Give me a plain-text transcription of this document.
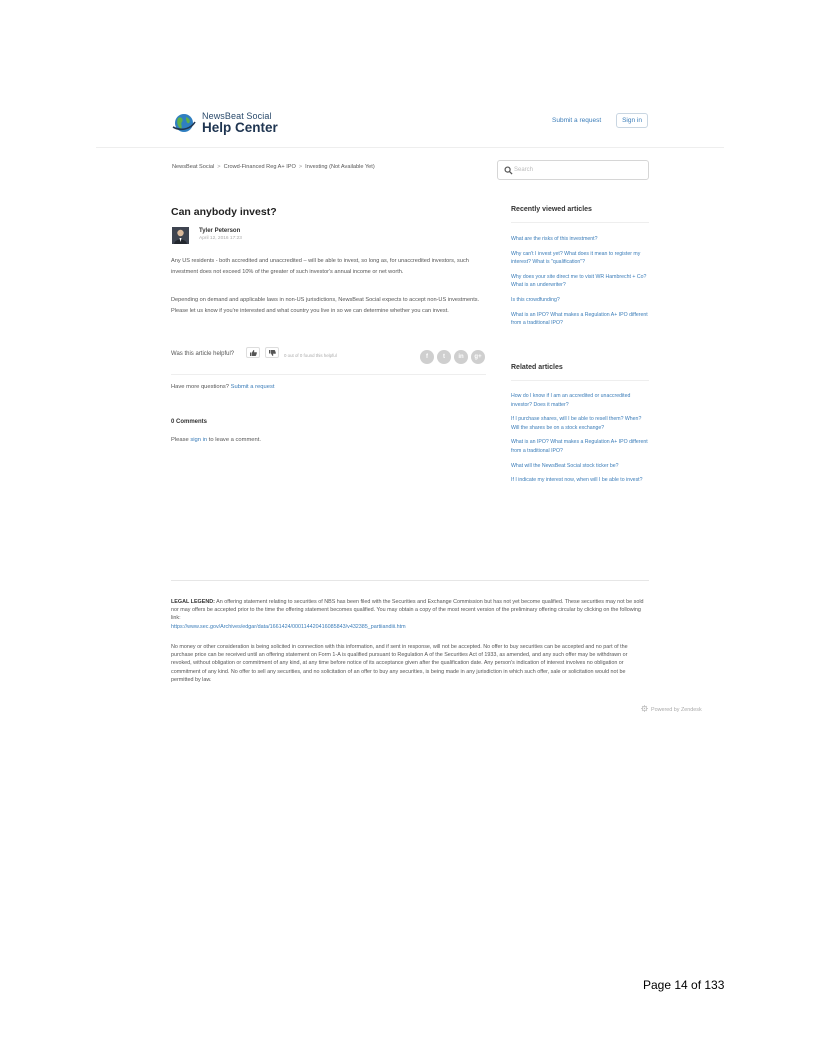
NewsBeat Social
Help Center	Submit a request	Sign in
NewsBeat Social > Crowd-Financed Reg A+ IPO > Investing (Not Available Yet)	Search
Can anybody invest?
Tyler Peterson
April 12, 2016 17:23

Any US residents - both accredited and unaccredited – will be able to invest, so long as, for unaccredited investors, such investment does not exceed 10% of the greater of such investor's annual income or net worth.

Depending on demand and applicable laws in non-US jurisdictions, NewsBeat Social expects to accept non-US investments. Please let us know if you're interested and what country you live in so we can determine whether you can invest.

Was this article helpful?	0 out of 0 found this helpful	f	t	in	g+
Have more questions? Submit a request
0 Comments
Please sign in to leave a comment.
Recently viewed articles
What are the risks of this investment?
Why can't I invest yet? What does it mean to register my interest? What is "qualification"?
Why does your site direct me to visit WR Hambrecht + Co? What is an underwriter?
Is this crowdfunding?
What is an IPO? What makes a Regulation A+ IPO different from a traditional IPO?
Related articles
How do I know if I am an accredited or unaccredited investor? Does it matter?
If I purchase shares, will I be able to resell them? When? Will the shares be on a stock exchange?
What is an IPO? What makes a Regulation A+ IPO different from a traditional IPO?
What will the NewsBeat Social stock ticker be?
If I indicate my interest now, when will I be able to invest?

LEGAL LEGEND: An offering statement relating to securities of NBS has been filed with the Securities and Exchange Commission but has not yet become qualified. These securities may not be sold nor may offers be accepted prior to the time the offering statement becomes qualified. You may obtain a copy of the most recent version of the preliminary offering circular by clicking on the following link:
https://www.sec.gov/Archives/edgar/data/1661424/000114420416085843/v432385_partiiandiii.htm

No money or other consideration is being solicited in connection with this information, and if sent in response, will not be accepted. No offer to buy securities can be accepted and no part of the purchase price can be received until an offering statement on Form 1-A is qualified pursuant to Regulation A of the Securities Act of 1933, as amended, and any such offer may be withdrawn or revoked, without obligation or commitment of any kind, at any time before notice of its acceptance given after the qualification date. Any person's indication of interest involves no obligation or commitment of any kind. No offer to sell any securities, and no solicitation of an offer to buy any securities, is being made in any jurisdiction in which such offer, sale or solicitation would not be permitted by law.

Powered by Zendesk
Page 14 of 133
